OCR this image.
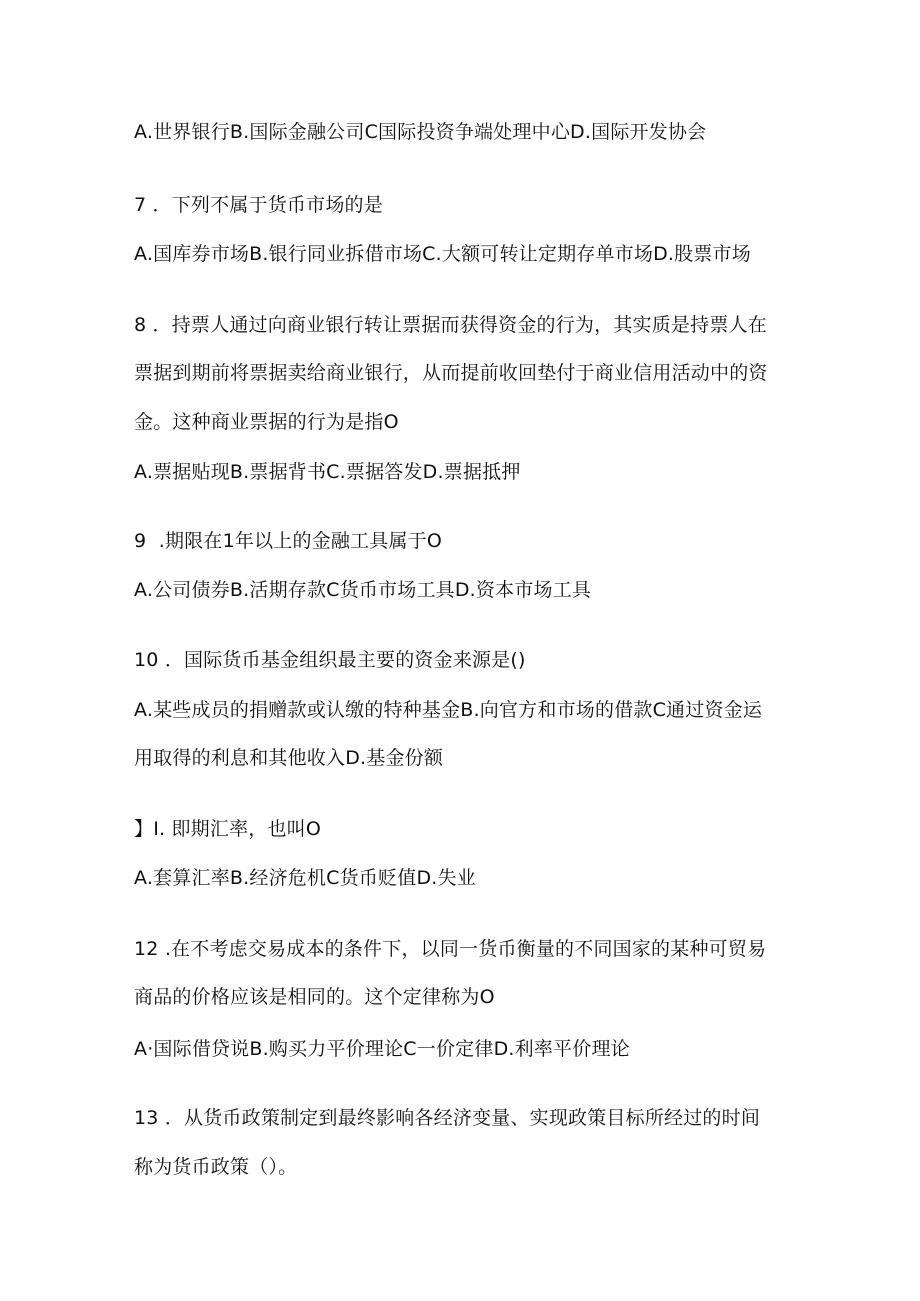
A.世界银行B.国际金融公司C国际投资争端处理中心D.国际开发协会
7 ．下列不属于货币市场的是
A.国库券市场B.银行同业拆借市场C.大额可转让定期存单市场D.股票市场
8 ．持票人通过向商业银行转让票据而获得资金的行为，其实质是持票人在
票据到期前将票据卖给商业银行，从而提前收回垫付于商业信用活动中的资
金。这种商业票据的行为是指O
A.票据贴现B.票据背书C.票据答发D.票据抵押
9  .期限在1年以上的金融工具属于O
A.公司债券B.活期存款C货币市场工具D.资本市场工具
10 ．国际货币基金组织最主要的资金来源是()
A.某些成员的捐赠款或认缴的特种基金B.向官方和市场的借款C通过资金运
用取得的利息和其他收入D.基金份额
】I. 即期汇率，也叫O
A.套算汇率B.经济危机C货币贬值D.失业
12 .在不考虑交易成本的条件下，以同一货币衡量的不同国家的某种可贸易
商品的价格应该是相同的。这个定律称为O
A·国际借贷说B.购买力平价理论C一价定律D.利率平价理论
13 ．从货币政策制定到最终影响各经济变量、实现政策目标所经过的时间
称为货币政策（）。
